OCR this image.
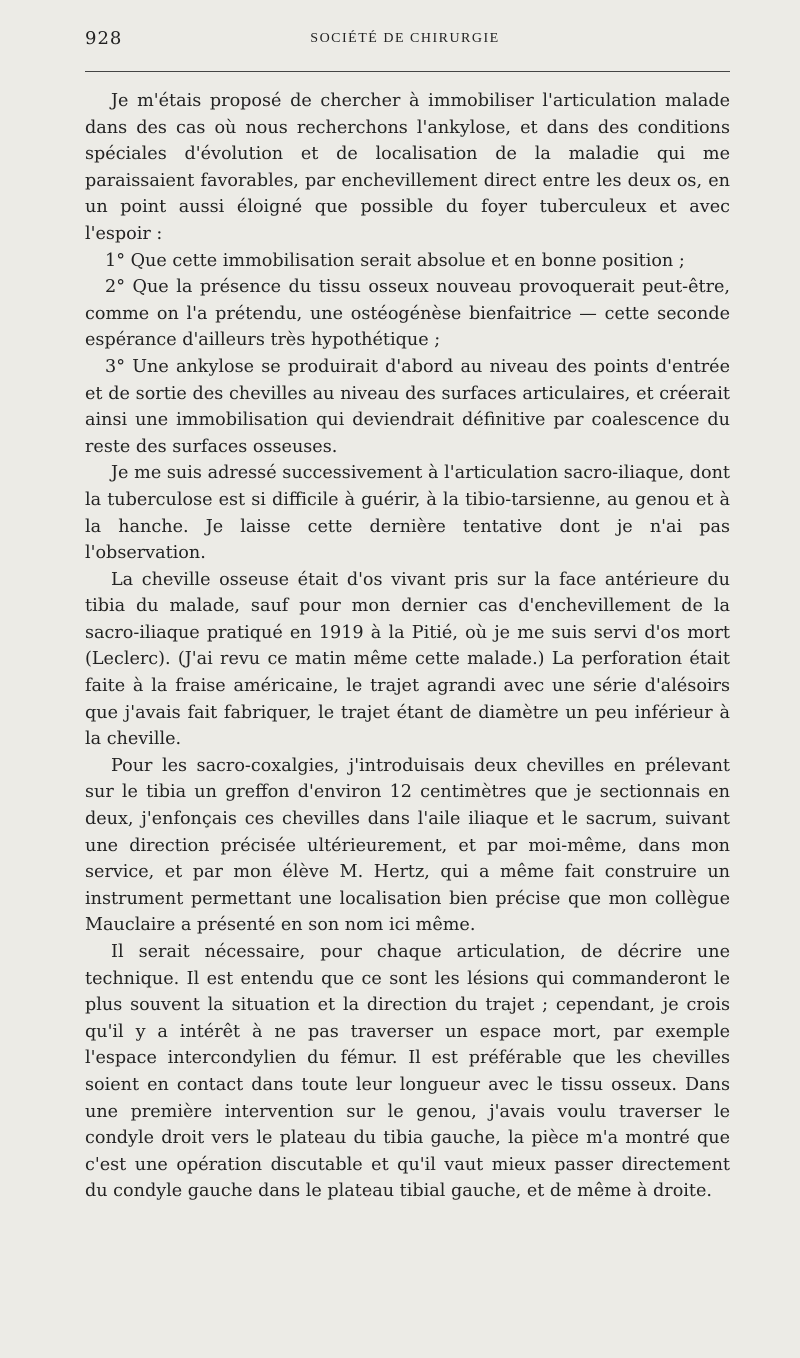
928	SOCIÉTÉ DE CHIRURGIE

Je m'étais proposé de chercher à immobiliser l'articulation malade dans des cas où nous recherchons l'ankylose, et dans des conditions spéciales d'évolution et de localisation de la maladie qui me paraissaient favorables, par enchevillement direct entre les deux os, en un point aussi éloigné que possible du foyer tuberculeux et avec l'espoir :

1° Que cette immobilisation serait absolue et en bonne position ;

2° Que la présence du tissu osseux nouveau provoquerait peut-être, comme on l'a prétendu, une ostéogénèse bienfaitrice — cette seconde espérance d'ailleurs très hypothétique ;

3° Une ankylose se produirait d'abord au niveau des points d'entrée et de sortie des chevilles au niveau des surfaces articulaires, et créerait ainsi une immobilisation qui deviendrait définitive par coalescence du reste des surfaces osseuses.

Je me suis adressé successivement à l'articulation sacro-iliaque, dont la tuberculose est si difficile à guérir, à la tibio-tarsienne, au genou et à la hanche. Je laisse cette dernière tentative dont je n'ai pas l'observation.

La cheville osseuse était d'os vivant pris sur la face antérieure du tibia du malade, sauf pour mon dernier cas d'enchevillement de la sacro-iliaque pratiqué en 1919 à la Pitié, où je me suis servi d'os mort (Leclerc). (J'ai revu ce matin même cette malade.) La perforation était faite à la fraise américaine, le trajet agrandi avec une série d'alésoirs que j'avais fait fabriquer, le trajet étant de diamètre un peu inférieur à la cheville.

Pour les sacro-coxalgies, j'introduisais deux chevilles en prélevant sur le tibia un greffon d'environ 12 centimètres que je sectionnais en deux, j'enfonçais ces chevilles dans l'aile iliaque et le sacrum, suivant une direction précisée ultérieurement, et par moi-même, dans mon service, et par mon élève M. Hertz, qui a même fait construire un instrument permettant une localisation bien précise que mon collègue Mauclaire a présenté en son nom ici même.

Il serait nécessaire, pour chaque articulation, de décrire une technique. Il est entendu que ce sont les lésions qui commanderont le plus souvent la situation et la direction du trajet ; cependant, je crois qu'il y a intérêt à ne pas traverser un espace mort, par exemple l'espace intercondylien du fémur. Il est préférable que les chevilles soient en contact dans toute leur longueur avec le tissu osseux. Dans une première intervention sur le genou, j'avais voulu traverser le condyle droit vers le plateau du tibia gauche, la pièce m'a montré que c'est une opération discutable et qu'il vaut mieux passer directement du condyle gauche dans le plateau tibial gauche, et de même à droite.
